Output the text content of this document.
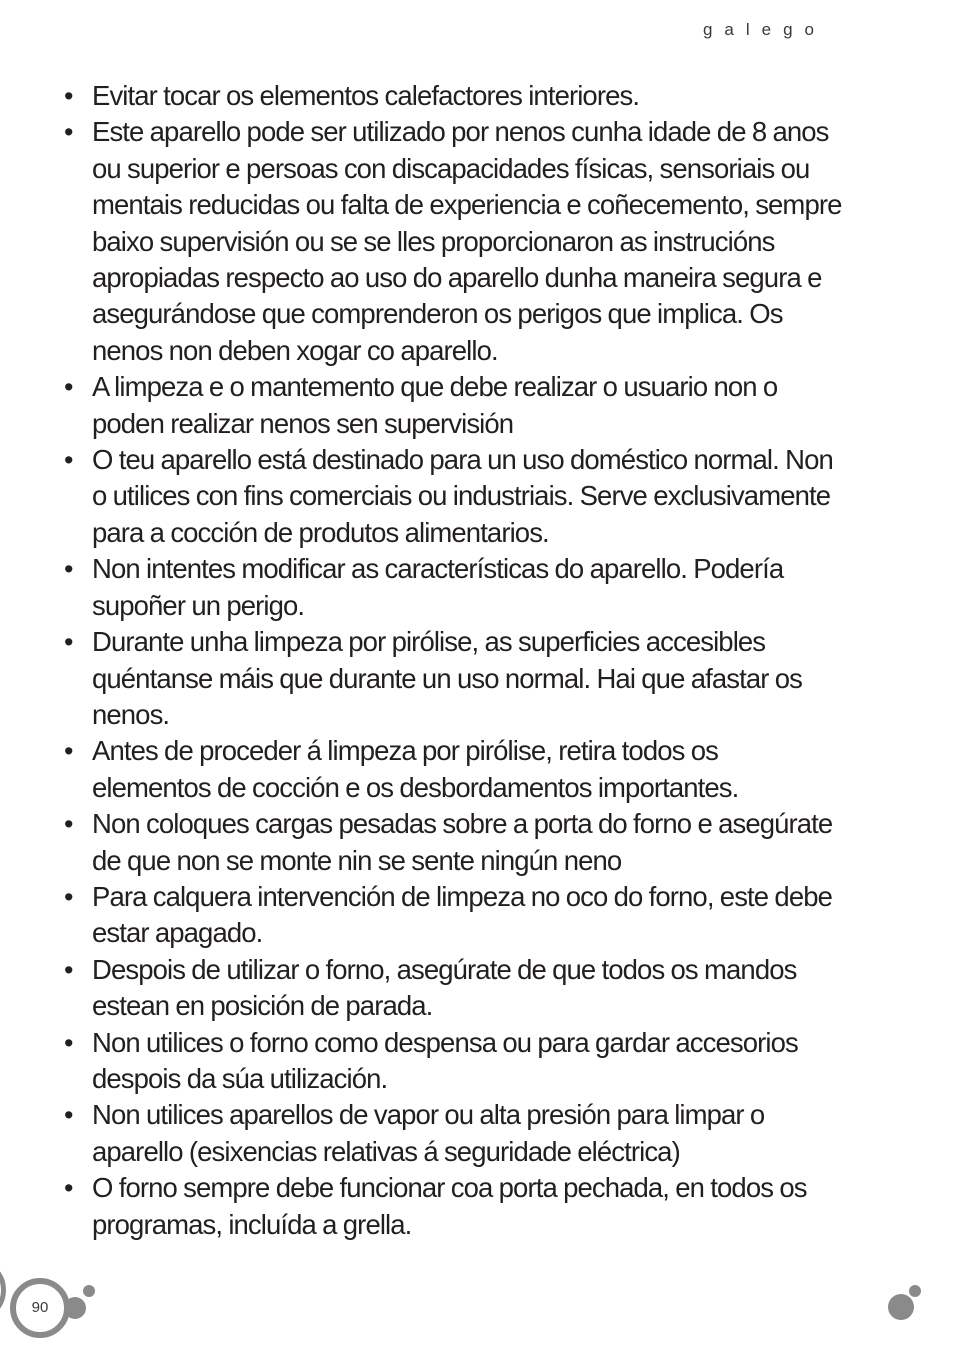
galego
• Evitar tocar os elementos calefactores interiores.
• Este aparello pode ser utilizado por nenos cunha idade de 8 anos ou superior e persoas con discapacidades físicas, sensoriais ou mentais reducidas ou falta de experiencia e coñecemento, sempre baixo supervisión ou se se lles proporcionaron as instrucións apropiadas respecto ao uso do aparello dunha maneira segura e asegurándose que comprenderon os perigos que implica. Os nenos non deben xogar co aparello.
• A limpeza e o mantemento que debe realizar o usuario non o poden realizar nenos sen supervisión
• O teu aparello está destinado para un uso doméstico normal. Non o utilices con fins comerciais ou industriais. Serve exclusivamente para a cocción de produtos alimentarios.
• Non intentes modificar as características do aparello. Podería supoñer un perigo.
• Durante unha limpeza por pirólise, as superficies accesibles quéntanse máis que durante un uso normal. Hai que afastar os nenos.
• Antes de proceder á limpeza por pirólise, retira todos os elementos de cocción e os desbordamentos importantes.
• Non coloques cargas pesadas sobre a porta do forno e asegúrate de que non se monte nin se sente ningún neno
• Para calquera intervención de limpeza no oco do forno, este debe estar apagado.
• Despois de utilizar o forno, asegúrate de que todos os mandos estean en posición de parada.
• Non utilices o forno como despensa ou para gardar accesorios despois da súa utilización.
• Non utilices aparellos de vapor ou alta presión para limpar o aparello (esixencias relativas á seguridade eléctrica)
• O forno sempre debe funcionar coa porta pechada, en todos os programas, incluída a grella.
90
